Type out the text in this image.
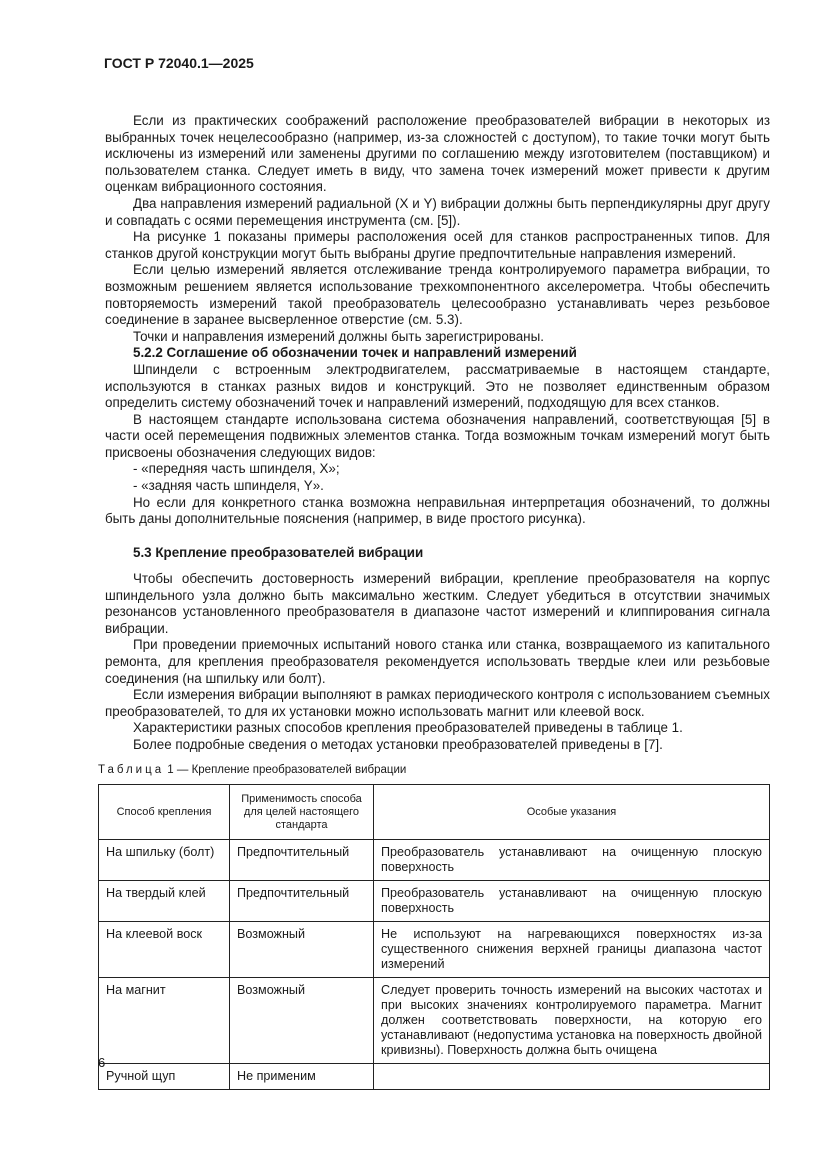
ГОСТ Р 72040.1—2025

Если из практических соображений расположение преобразователей вибрации в некоторых из выбранных точек нецелесообразно (например, из-за сложностей с доступом), то такие точки могут быть исключены из измерений или заменены другими по соглашению между изготовителем (поставщиком) и пользователем станка. Следует иметь в виду, что замена точек измерений может привести к другим оценкам вибрационного состояния.

Два направления измерений радиальной (X и Y) вибрации должны быть перпендикулярны друг другу и совпадать с осями перемещения инструмента (см. [5]).

На рисунке 1 показаны примеры расположения осей для станков распространенных типов. Для станков другой конструкции могут быть выбраны другие предпочтительные направления измерений.

Если целью измерений является отслеживание тренда контролируемого параметра вибрации, то возможным решением является использование трехкомпонентного акселерометра. Чтобы обеспечить повторяемость измерений такой преобразователь целесообразно устанавливать через резьбовое соединение в заранее высверленное отверстие (см. 5.3).

Точки и направления измерений должны быть зарегистрированы.

5.2.2 Соглашение об обозначении точек и направлений измерений

Шпиндели с встроенным электродвигателем, рассматриваемые в настоящем стандарте, используются в станках разных видов и конструкций. Это не позволяет единственным образом определить систему обозначений точек и направлений измерений, подходящую для всех станков.

В настоящем стандарте использована система обозначения направлений, соответствующая [5] в части осей перемещения подвижных элементов станка. Тогда возможным точкам измерений могут быть присвоены обозначения следующих видов:

- «передняя часть шпинделя, X»;

- «задняя часть шпинделя, Y».

Но если для конкретного станка возможна неправильная интерпретация обозначений, то должны быть даны дополнительные пояснения (например, в виде простого рисунка).

5.3 Крепление преобразователей вибрации

Чтобы обеспечить достоверность измерений вибрации, крепление преобразователя на корпус шпиндельного узла должно быть максимально жестким. Следует убедиться в отсутствии значимых резонансов установленного преобразователя в диапазоне частот измерений и клиппирования сигнала вибрации.

При проведении приемочных испытаний нового станка или станка, возвращаемого из капитального ремонта, для крепления преобразователя рекомендуется использовать твердые клеи или резьбовые соединения (на шпильку или болт).

Если измерения вибрации выполняют в рамках периодического контроля с использованием съемных преобразователей, то для их установки можно использовать магнит или клеевой воск.

Характеристики разных способов крепления преобразователей приведены в таблице 1.

Более подробные сведения о методах установки преобразователей приведены в [7].

Таблица 1 — Крепление преобразователей вибрации
Способ крепления	Применимость способа для целей настоящего стандарта	Особые указания
На шпильку (болт)	Предпочтительный	Преобразователь устанавливают на очищенную плоскую поверхность
На твердый клей	Предпочтительный	Преобразователь устанавливают на очищенную плоскую поверхность
На клеевой воск	Возможный	Не используют на нагревающихся поверхностях из-за существенного снижения верхней границы диапазона частот измерений
На магнит	Возможный	Следует проверить точность измерений на высоких частотах и при высоких значениях контролируемого параметра. Магнит должен соответствовать поверхности, на которую его устанавливают (недопустима установка на поверхность двойной кривизны). Поверхность должна быть очищена
Ручной щуп	Не применим	
6
